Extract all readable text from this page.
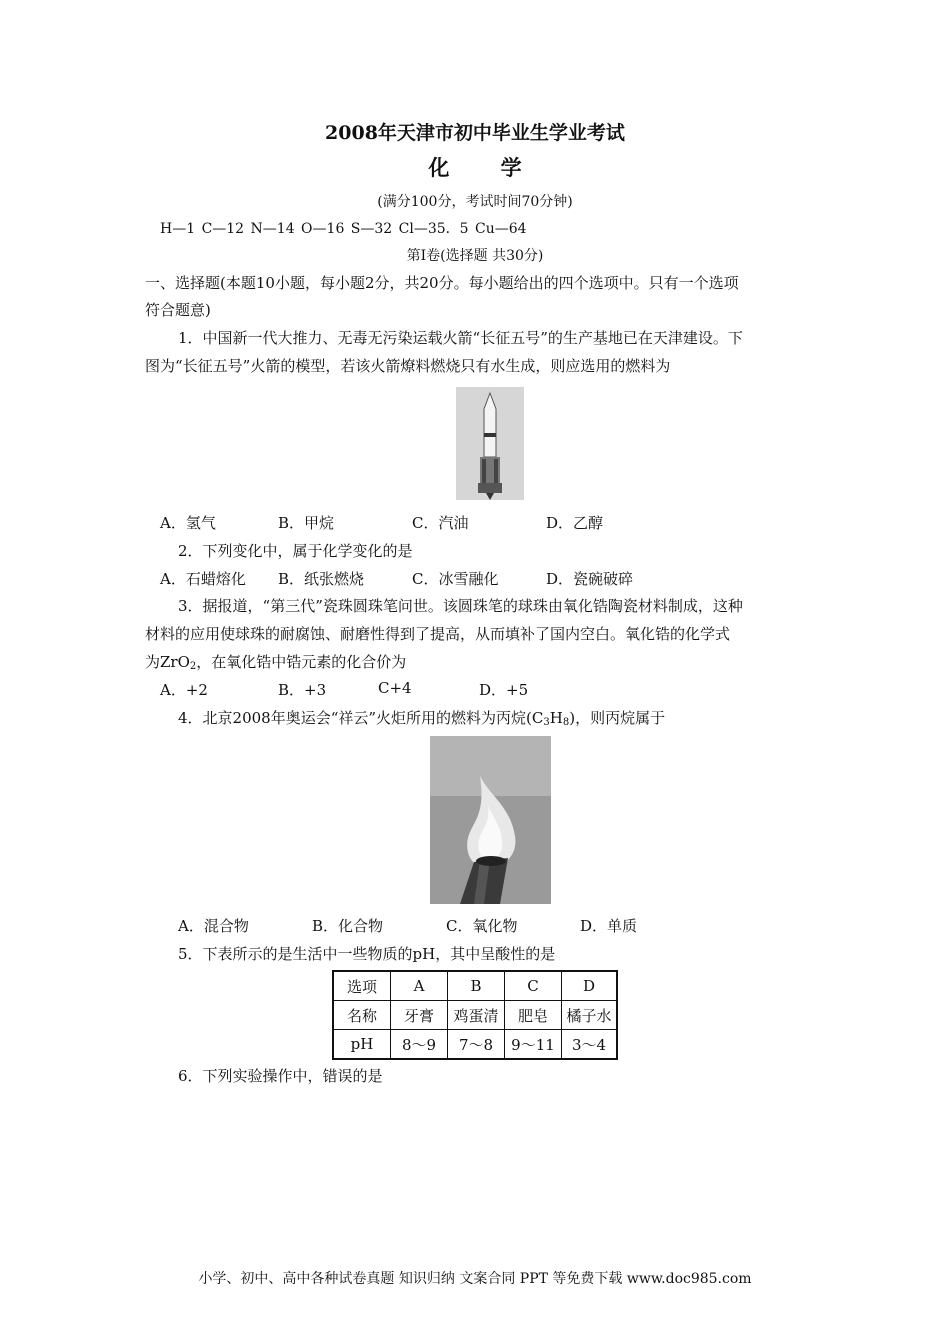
2008年天津市初中毕业生学业考试
化 学
(满分100分，考试时间70分钟)
H—1 C—12 N—14 O—16 S—32 Cl—35．5 Cu—64
第Ⅰ卷(选择题 共30分)
一、选择题(本题10小题，每小题2分，共20分。每小题给出的四个选项中。只有一个选项
符合题意)
1．中国新一代大推力、无毒无污染运载火箭“长征五号”的生产基地已在天津建设。下
图为“长征五号”火箭的模型，若该火箭燎料燃烧只有水生成，则应选用的燃料为
A．氢气	B．甲烷	C．汽油	D．乙醇
2．下列变化中，属于化学变化的是
A．石蜡熔化 B．纸张燃烧	C．冰雪融化	D．瓷碗破碎
3．据报道，“第三代”瓷珠圆珠笔问世。该圆珠笔的球珠由氧化锆陶瓷材料制成，这种
材料的应用使球珠的耐腐蚀、耐磨性得到了提高，从而填补了国内空白。氧化锆的化学式
为ZrO$_2$，在氧化锆中锆元素的化合价为
A．+2	B．+3	C+4	D．+5
4．北京2008年奥运会“祥云”火炬所用的燃料为丙烷$(C_3H_8)$，则丙烷属于
A．混合物	B．化合物	C．氧化物	D．单质
5．下表所示的是生活中一些物质的pH，其中呈酸性的是
选项	A	B	C	D
名称	牙膏	鸡蛋清	肥皂	橘子水
pH	8～9	7～8	9～11	3～4
6．下列实验操作中，错误的是
小学、初中、高中各种试卷真题 知识归纳 文案合同 PPT 等免费下载 www.doc985.com
